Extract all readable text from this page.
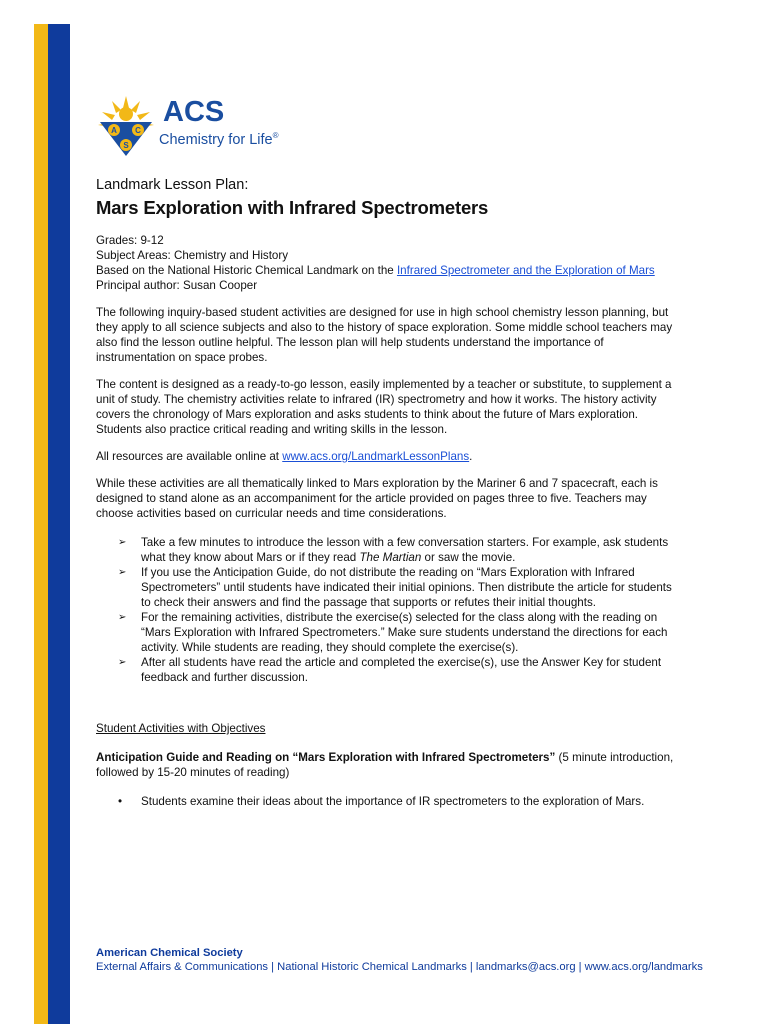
A C
S
ACS
Chemistry for Life®

Landmark Lesson Plan:

Mars Exploration with Infrared Spectrometers

Grades: 9-12

Subject Areas: Chemistry and History

Based on the National Historic Chemical Landmark on the Infrared Spectrometer and the Exploration of Mars

Principal author: Susan Cooper

The following inquiry-based student activities are designed for use in high school chemistry lesson planning, but they apply to all science subjects and also to the history of space exploration. Some middle school teachers may also find the lesson outline helpful. The lesson plan will help students understand the importance of instrumentation on space probes.

The content is designed as a ready-to-go lesson, easily implemented by a teacher or substitute, to supplement a unit of study. The chemistry activities relate to infrared (IR) spectrometry and how it works. The history activity covers the chronology of Mars exploration and asks students to think about the future of Mars exploration. Students also practice critical reading and writing skills in the lesson.

All resources are available online at www.acs.org/LandmarkLessonPlans.

While these activities are all thematically linked to Mars exploration by the Mariner 6 and 7 spacecraft, each is designed to stand alone as an accompaniment for the article provided on pages three to five. Teachers may choose activities based on curricular needs and time considerations.

➢ Take a few minutes to introduce the lesson with a few conversation starters. For example, ask students what they know about Mars or if they read The Martian or saw the movie.
➢ If you use the Anticipation Guide, do not distribute the reading on “Mars Exploration with Infrared Spectrometers” until students have indicated their initial opinions. Then distribute the article for students to check their answers and find the passage that supports or refutes their initial thoughts.
➢ For the remaining activities, distribute the exercise(s) selected for the class along with the reading on “Mars Exploration with Infrared Spectrometers.” Make sure students understand the directions for each activity. While students are reading, they should complete the exercise(s).
➢ After all students have read the article and completed the exercise(s), use the Answer Key for student feedback and further discussion.

Student Activities with Objectives

Anticipation Guide and Reading on “Mars Exploration with Infrared Spectrometers” (5 minute introduction, followed by 15-20 minutes of reading)

• Students examine their ideas about the importance of IR spectrometers to the exploration of Mars.
American Chemical Society
External Affairs & Communications | National Historic Chemical Landmarks | landmarks@acs.org | www.acs.org/landmarks
